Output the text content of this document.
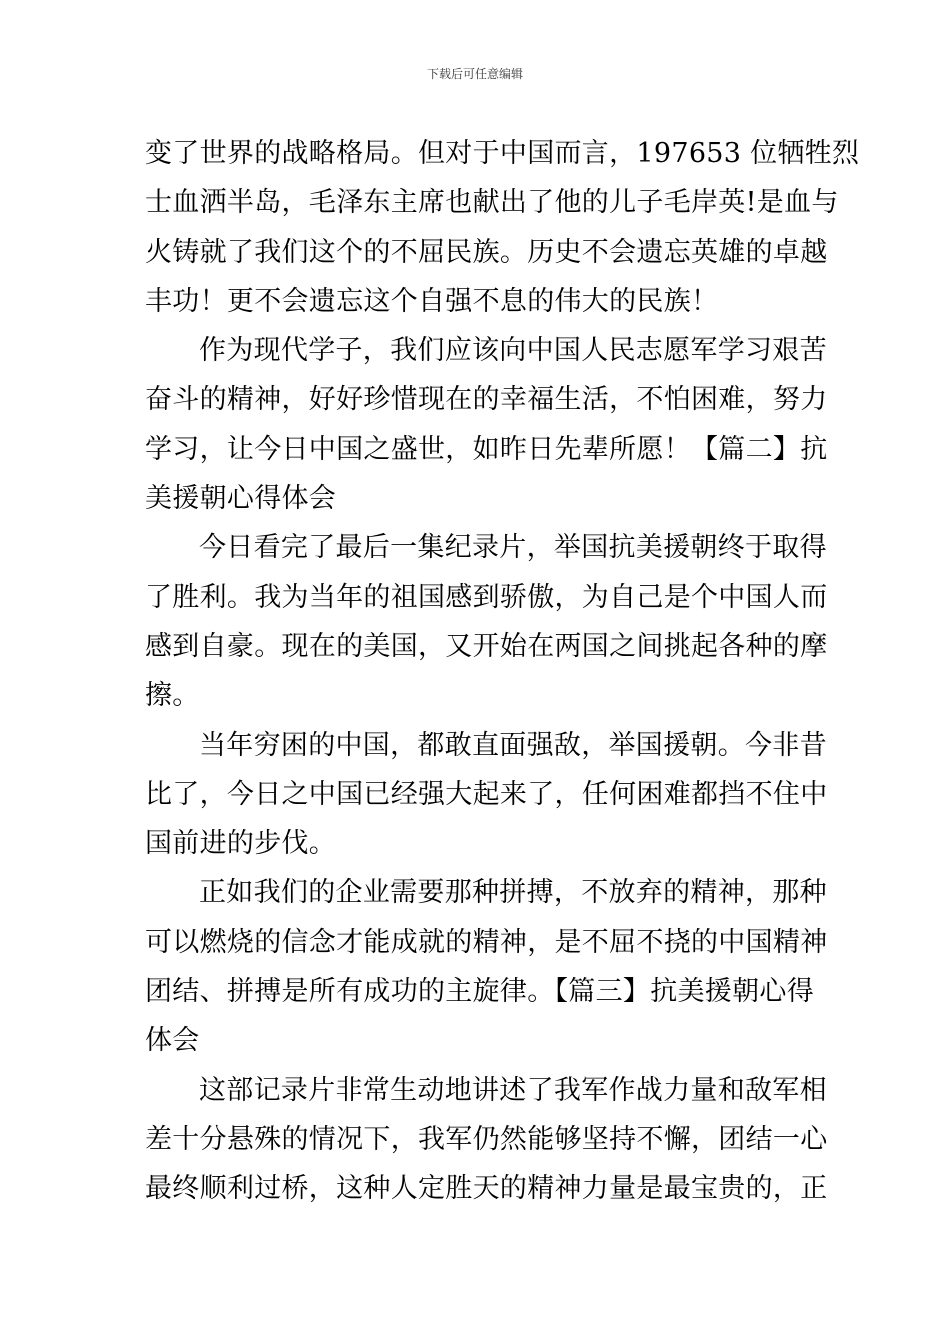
下载后可任意编辑
变了世界的战略格局。但对于中国而言，197653 位牺牲烈
士血洒半岛，毛泽东主席也献出了他的儿子毛岸英!是血与
火铸就了我们这个的不屈民族。历史不会遗忘英雄的卓越
丰功！更不会遗忘这个自强不息的伟大的民族！
作为现代学子，我们应该向中国人民志愿军学习艰苦
奋斗的精神，好好珍惜现在的幸福生活，不怕困难，努力
学习，让今日中国之盛世，如昨日先辈所愿！【篇二】抗
美援朝心得体会
今日看完了最后一集纪录片，举国抗美援朝终于取得
了胜利。我为当年的祖国感到骄傲，为自己是个中国人而
感到自豪。现在的美国，又开始在两国之间挑起各种的摩
擦。
当年穷困的中国，都敢直面强敌，举国援朝。今非昔
比了，今日之中国已经强大起来了，任何困难都挡不住中
国前进的步伐。
正如我们的企业需要那种拼搏，不放弃的精神，那种
可以燃烧的信念才能成就的精神，是不屈不挠的中国精神
团结、拼搏是所有成功的主旋律。【篇三】抗美援朝心得
体会
这部记录片非常生动地讲述了我军作战力量和敌军相
差十分悬殊的情况下，我军仍然能够坚持不懈，团结一心
最终顺利过桥，这种人定胜天的精神力量是最宝贵的，正
